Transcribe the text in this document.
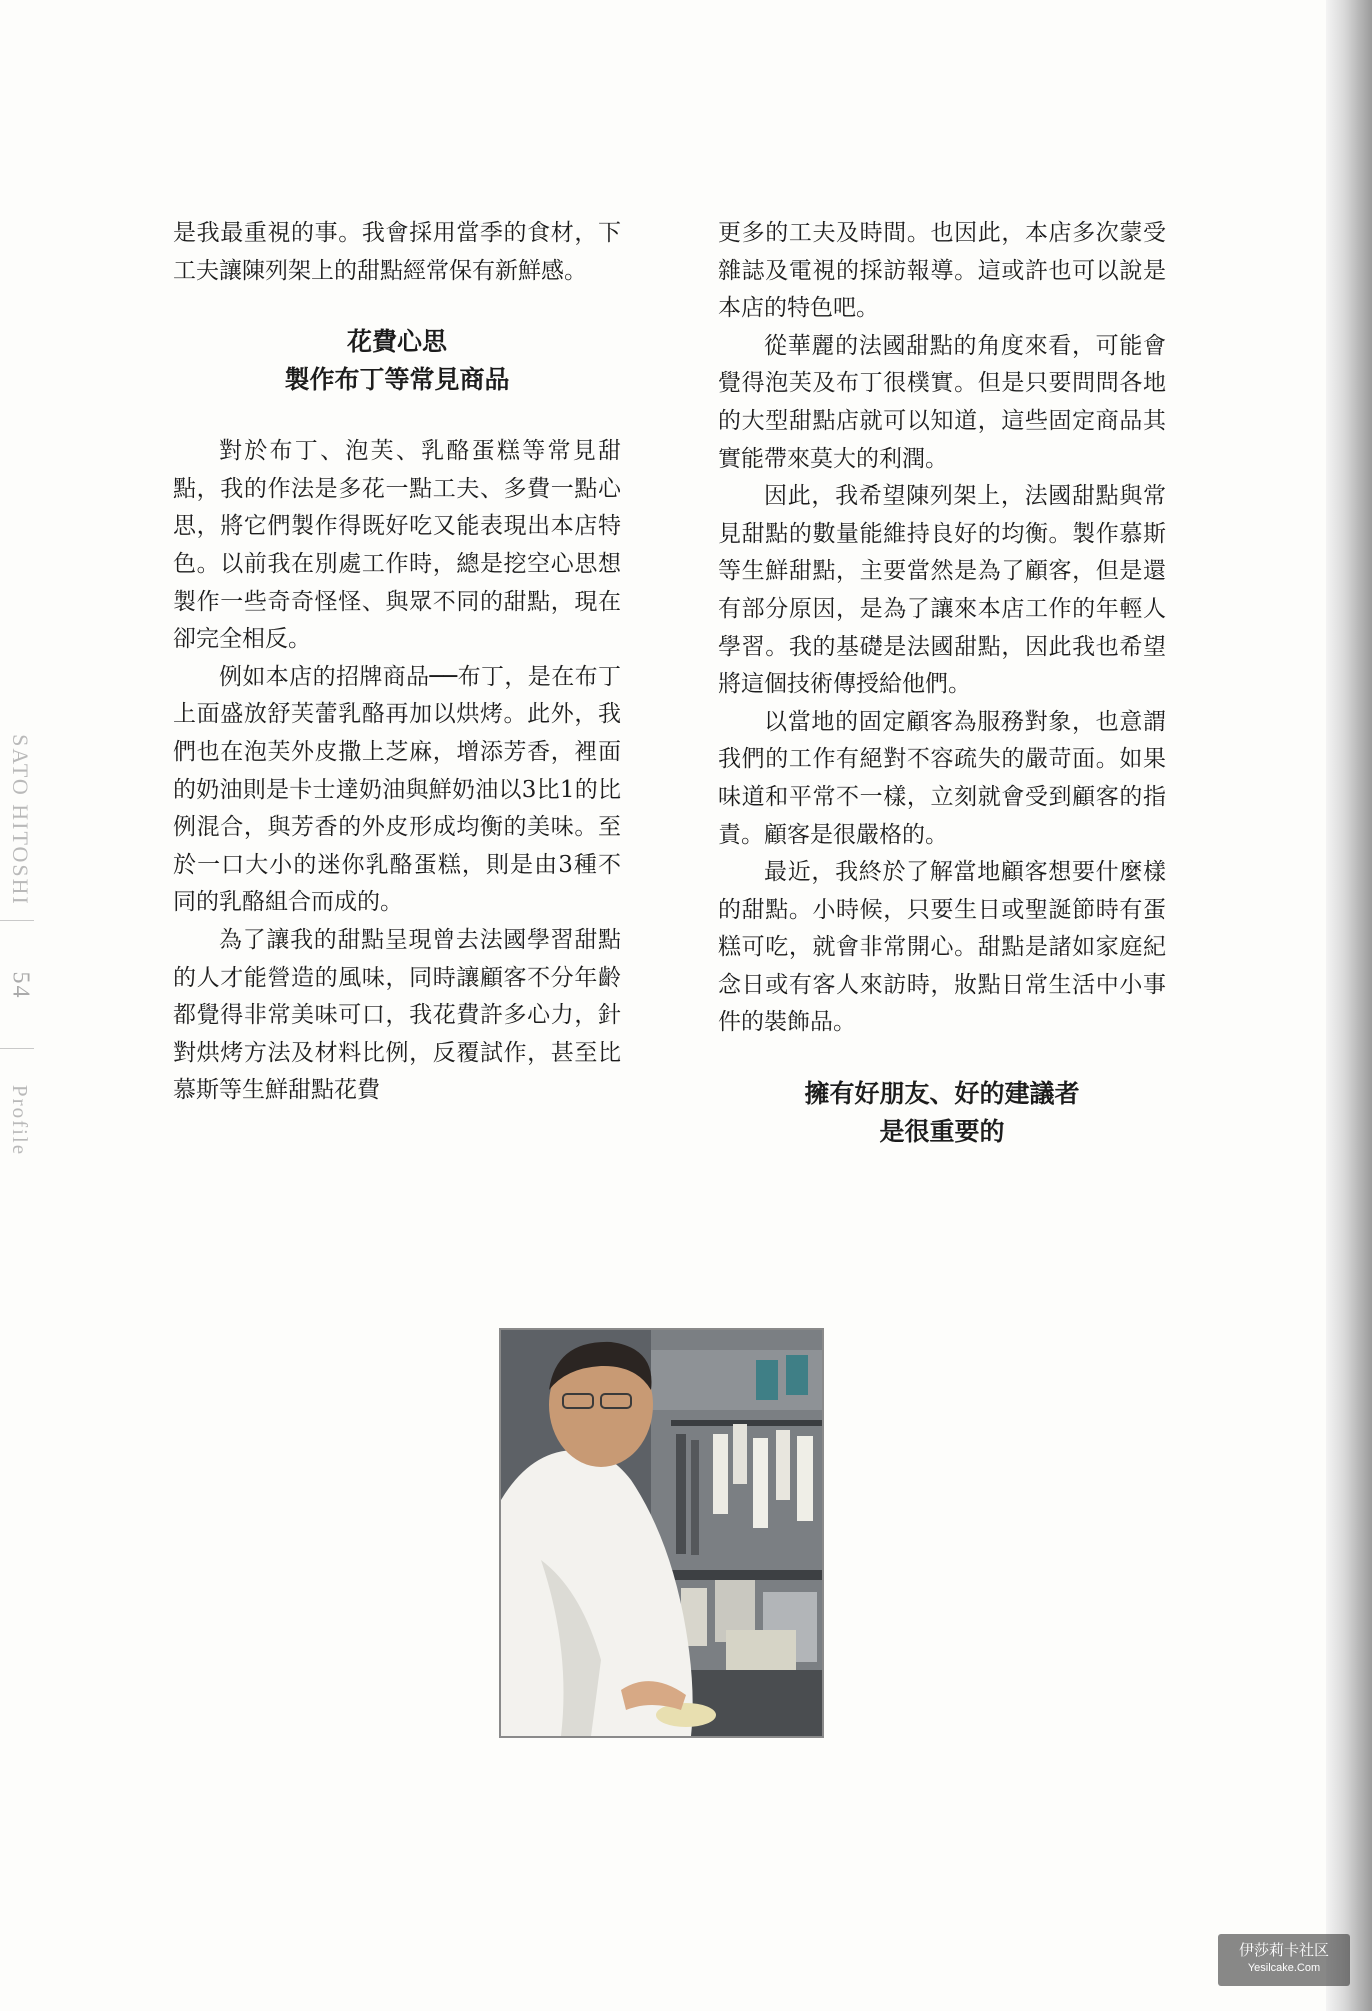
SATO HITOSHI
54
Profile

是我最重視的事。我會採用當季的食材，下工夫讓陳列架上的甜點經常保有新鮮感。

花費心思
製作布丁等常見商品

對於布丁、泡芙、乳酪蛋糕等常見甜點，我的作法是多花一點工夫、多費一點心思，將它們製作得既好吃又能表現出本店特色。以前我在別處工作時，總是挖空心思想製作一些奇奇怪怪、與眾不同的甜點，現在卻完全相反。

例如本店的招牌商品──布丁，是在布丁上面盛放舒芙蕾乳酪再加以烘烤。此外，我們也在泡芙外皮撒上芝麻，增添芳香，裡面的奶油則是卡士達奶油與鮮奶油以3比1的比例混合，與芳香的外皮形成均衡的美味。至於一口大小的迷你乳酪蛋糕，則是由3種不同的乳酪組合而成的。

為了讓我的甜點呈現曾去法國學習甜點的人才能營造的風味，同時讓顧客不分年齡都覺得非常美味可口，我花費許多心力，針對烘烤方法及材料比例，反覆試作，甚至比慕斯等生鮮甜點花費

更多的工夫及時間。也因此，本店多次蒙受雜誌及電視的採訪報導。這或許也可以說是本店的特色吧。

從華麗的法國甜點的角度來看，可能會覺得泡芙及布丁很樸實。但是只要問問各地的大型甜點店就可以知道，這些固定商品其實能帶來莫大的利潤。

因此，我希望陳列架上，法國甜點與常見甜點的數量能維持良好的均衡。製作慕斯等生鮮甜點，主要當然是為了顧客，但是還有部分原因，是為了讓來本店工作的年輕人學習。我的基礎是法國甜點，因此我也希望將這個技術傳授給他們。

以當地的固定顧客為服務對象，也意謂我們的工作有絕對不容疏失的嚴苛面。如果味道和平常不一樣，立刻就會受到顧客的指責。顧客是很嚴格的。

最近，我終於了解當地顧客想要什麼樣的甜點。小時候，只要生日或聖誕節時有蛋糕可吃，就會非常開心。甜點是諸如家庭紀念日或有客人來訪時，妝點日常生活中小事件的裝飾品。

擁有好朋友、好的建議者
是很重要的
伊莎莉卡社区
Yesilcake.Com
